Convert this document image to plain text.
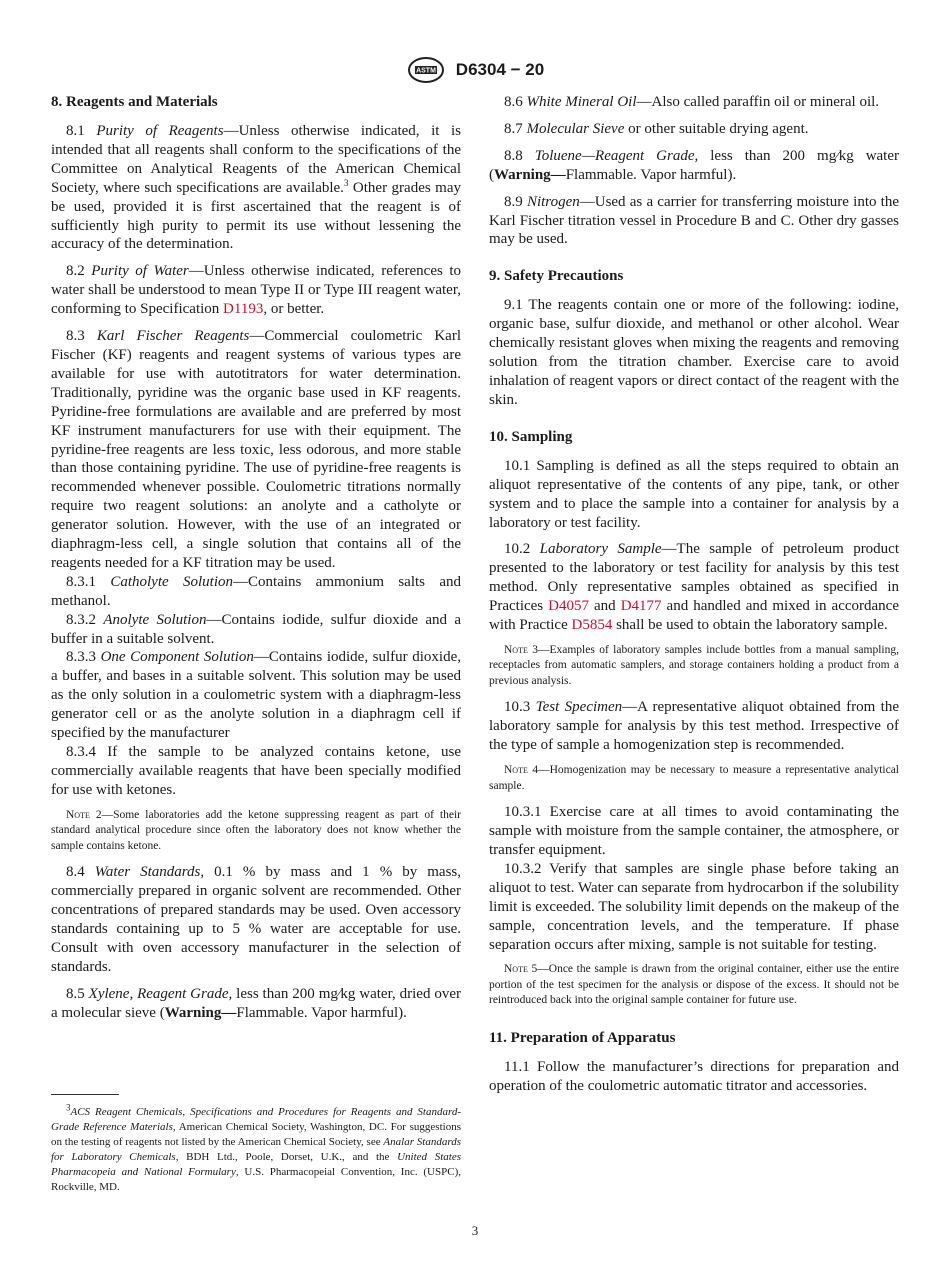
ASTM D6304 − 20
8. Reagents and Materials

8.1 Purity of Reagents—Unless otherwise indicated, it is intended that all reagents shall conform to the specifications of the Committee on Analytical Reagents of the American Chemical Society, where such specifications are available.$^3$ Other grades may be used, provided it is first ascertained that the reagent is of sufficiently high purity to permit its use without lessening the accuracy of the determination.

8.2 Purity of Water—Unless otherwise indicated, references to water shall be understood to mean Type II or Type III reagent water, conforming to Specification D1193, or better.

8.3 Karl Fischer Reagents—Commercial coulometric Karl Fischer (KF) reagents and reagent systems of various types are available for use with autotitrators for water determination. Traditionally, pyridine was the organic base used in KF reagents. Pyridine-free formulations are available and are preferred by most KF instrument manufacturers for use with their equipment. The pyridine-free reagents are less toxic, less odorous, and more stable than those containing pyridine. The use of pyridine-free reagents is recommended whenever possible. Coulometric titrations normally require two reagent solutions: an anolyte and a catholyte or generator solution. However, with the use of an integrated or diaphragm-less cell, a single solution that contains all of the reagents needed for a KF titration may be used.

8.3.1 Catholyte Solution—Contains ammonium salts and methanol.

8.3.2 Anolyte Solution—Contains iodide, sulfur dioxide and a buffer in a suitable solvent.

8.3.3 One Component Solution—Contains iodide, sulfur dioxide, a buffer, and bases in a suitable solvent. This solution may be used as the only solution in a coulometric system with a diaphragm-less generator cell or as the anolyte solution in a diaphragm cell if specified by the manufacturer

8.3.4 If the sample to be analyzed contains ketone, use commercially available reagents that have been specially modified for use with ketones.

Note 2—Some laboratories add the ketone suppressing reagent as part of their standard analytical procedure since often the laboratory does not know whether the sample contains ketone.

8.4 Water Standards, 0.1 % by mass and 1 % by mass, commercially prepared in organic solvent are recommended. Other concentrations of prepared standards may be used. Oven accessory standards containing up to 5 % water are acceptable for use. Consult with oven accessory manufacturer in the selection of standards.

8.5 Xylene, Reagent Grade, less than 200 mg⁄kg water, dried over a molecular sieve (Warning—Flammable. Vapor harmful).

$^3$ACS Reagent Chemicals, Specifications and Procedures for Reagents and Standard-Grade Reference Materials, American Chemical Society, Washington, DC. For suggestions on the testing of reagents not listed by the American Chemical Society, see Analar Standards for Laboratory Chemicals, BDH Ltd., Poole, Dorset, U.K., and the United States Pharmacopeia and National Formulary, U.S. Pharmacopeial Convention, Inc. (USPC), Rockville, MD.

8.6 White Mineral Oil—Also called paraffin oil or mineral oil.

8.7 Molecular Sieve or other suitable drying agent.

8.8 Toluene—Reagent Grade, less than 200 mg⁄kg water (Warning—Flammable. Vapor harmful).

8.9 Nitrogen—Used as a carrier for transferring moisture into the Karl Fischer titration vessel in Procedure B and C. Other dry gasses may be used.

9. Safety Precautions

9.1 The reagents contain one or more of the following: iodine, organic base, sulfur dioxide, and methanol or other alcohol. Wear chemically resistant gloves when mixing the reagents and removing solution from the titration chamber. Exercise care to avoid inhalation of reagent vapors or direct contact of the reagent with the skin.

10. Sampling

10.1 Sampling is defined as all the steps required to obtain an aliquot representative of the contents of any pipe, tank, or other system and to place the sample into a container for analysis by a laboratory or test facility.

10.2 Laboratory Sample—The sample of petroleum product presented to the laboratory or test facility for analysis by this test method. Only representative samples obtained as specified in Practices D4057 and D4177 and handled and mixed in accordance with Practice D5854 shall be used to obtain the laboratory sample.

Note 3—Examples of laboratory samples include bottles from a manual sampling, receptacles from automatic samplers, and storage containers holding a product from a previous analysis.

10.3 Test Specimen—A representative aliquot obtained from the laboratory sample for analysis by this test method. Irrespective of the type of sample a homogenization step is recommended.

Note 4—Homogenization may be necessary to measure a representative analytical sample.

10.3.1 Exercise care at all times to avoid contaminating the sample with moisture from the sample container, the atmosphere, or transfer equipment.

10.3.2 Verify that samples are single phase before taking an aliquot to test. Water can separate from hydrocarbon if the solubility limit is exceeded. The solubility limit depends on the makeup of the sample, concentration levels, and the temperature. If phase separation occurs after mixing, sample is not suitable for testing.

Note 5—Once the sample is drawn from the original container, either use the entire portion of the test specimen for the analysis or dispose of the excess. It should not be reintroduced back into the original sample container for future use.
11. Preparation of Apparatus

11.1 Follow the manufacturer’s directions for preparation and operation of the coulometric automatic titrator and accessories.

3
